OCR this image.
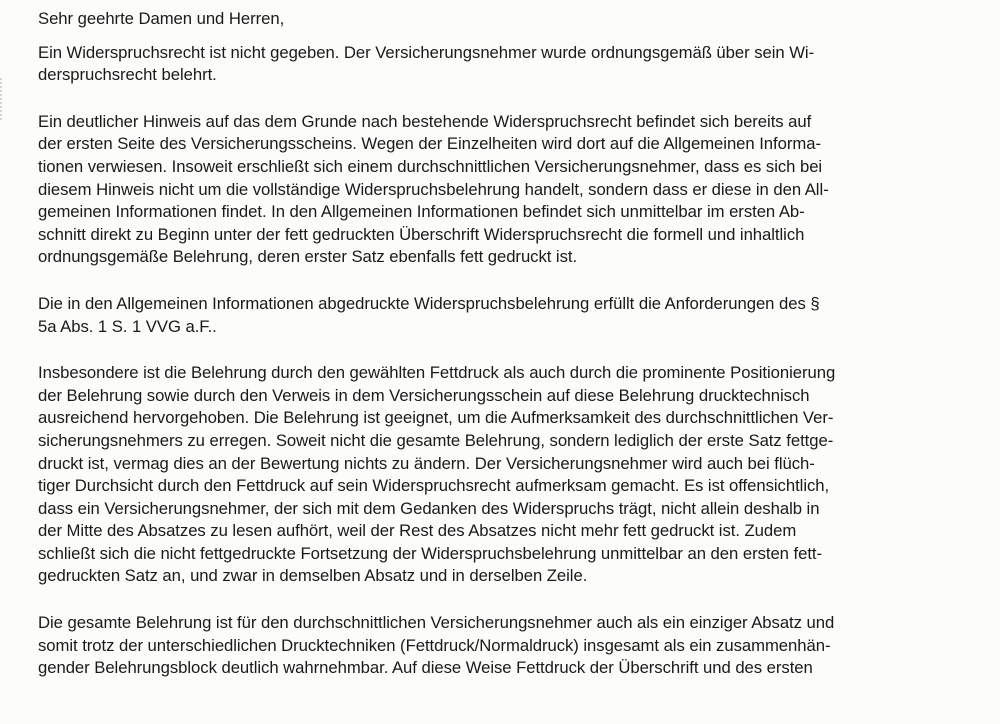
Sehr geehrte Damen und Herren,

Ein Widerspruchsrecht ist nicht gegeben. Der Versicherungsnehmer wurde ordnungsgemäß über sein Wi-
derspruchsrecht belehrt.

Ein deutlicher Hinweis auf das dem Grunde nach bestehende Widerspruchsrecht befindet sich bereits auf
der ersten Seite des Versicherungsscheins. Wegen der Einzelheiten wird dort auf die Allgemeinen Informa-
tionen verwiesen. Insoweit erschließt sich einem durchschnittlichen Versicherungsnehmer, dass es sich bei
diesem Hinweis nicht um die vollständige Widerspruchsbelehrung handelt, sondern dass er diese in den All-
gemeinen Informationen findet. In den Allgemeinen Informationen befindet sich unmittelbar im ersten Ab-
schnitt direkt zu Beginn unter der fett gedruckten Überschrift Widerspruchsrecht die formell und inhaltlich
ordnungsgemäße Belehrung, deren erster Satz ebenfalls fett gedruckt ist.

Die in den Allgemeinen Informationen abgedruckte Widerspruchsbelehrung erfüllt die Anforderungen des §
5a Abs. 1 S. 1 VVG a.F..

Insbesondere ist die Belehrung durch den gewählten Fettdruck als auch durch die prominente Positionierung
der Belehrung sowie durch den Verweis in dem Versicherungsschein auf diese Belehrung drucktechnisch
ausreichend hervorgehoben. Die Belehrung ist geeignet, um die Aufmerksamkeit des durchschnittlichen Ver-
sicherungsnehmers zu erregen. Soweit nicht die gesamte Belehrung, sondern lediglich der erste Satz fettge-
druckt ist, vermag dies an der Bewertung nichts zu ändern. Der Versicherungsnehmer wird auch bei flüch-
tiger Durchsicht durch den Fettdruck auf sein Widerspruchsrecht aufmerksam gemacht. Es ist offensichtlich,
dass ein Versicherungsnehmer, der sich mit dem Gedanken des Widerspruchs trägt, nicht allein deshalb in
der Mitte des Absatzes zu lesen aufhört, weil der Rest des Absatzes nicht mehr fett gedruckt ist. Zudem
schließt sich die nicht fettgedruckte Fortsetzung der Widerspruchsbelehrung unmittelbar an den ersten fett-
gedruckten Satz an, und zwar in demselben Absatz und in derselben Zeile.

Die gesamte Belehrung ist für den durchschnittlichen Versicherungsnehmer auch als ein einziger Absatz und
somit trotz der unterschiedlichen Drucktechniken (Fettdruck/Normaldruck) insgesamt als ein zusammenhän-
gender Belehrungsblock deutlich wahrnehmbar. Auf diese Weise Fettdruck der Überschrift und des ersten
